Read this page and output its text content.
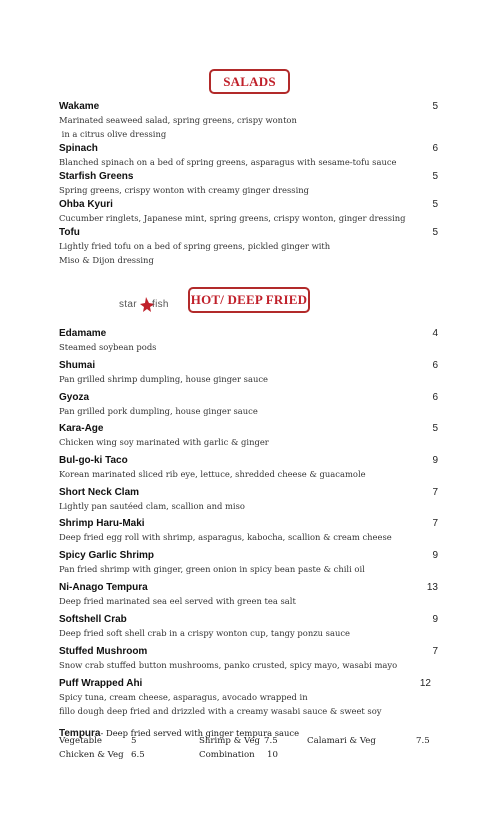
SALADS
HOT/ DEEP FRIED
star fish
Wakame	5
Marinated seaweed salad, spring greens, crispy wonton
in a citrus olive dressing
Spinach	6
Blanched spinach on a bed of spring greens, asparagus with sesame-tofu sauce
Starfish Greens	5
Spring greens, crispy wonton with creamy ginger dressing
Ohba Kyuri	5
Cucumber ringlets, Japanese mint, spring greens, crispy wonton, ginger dressing
Tofu	5
Lightly fried tofu on a bed of spring greens, pickled ginger with
Miso & Dijon dressing
Edamame	4
Steamed soybean pods
Shumai	6
Pan grilled shrimp dumpling, house ginger sauce
Gyoza	6
Pan grilled pork dumpling, house ginger sauce
Kara-Age	5
Chicken wing soy marinated with garlic & ginger
Bul-go-ki Taco	9
Korean marinated sliced rib eye, lettuce, shredded cheese & guacamole
Short Neck Clam	7
Lightly pan sautéed clam, scallion and miso
Shrimp Haru-Maki	7
Deep fried egg roll with shrimp, asparagus, kabocha, scallion & cream cheese
Spicy Garlic Shrimp	9
Pan fried shrimp with ginger, green onion in spicy bean paste & chili oil
Ni-Anago Tempura	13
Deep fried marinated sea eel served with green tea salt
Softshell Crab	9
Deep fried soft shell crab in a crispy wonton cup, tangy ponzu sauce
Stuffed Mushroom	7
Snow crab stuffed button mushrooms, panko crusted, spicy mayo, wasabi mayo
Puff Wrapped Ahi	12
Spicy tuna, cream cheese, asparagus, avocado wrapped in
fillo dough deep fried and drizzled with a creamy wasabi sauce & sweet soy
Tempura- Deep fried served with ginger tempura sauce
Vegetable	5	Shrimp & Veg 7.5	Calamari & Veg	7.5
Chicken & Veg 6.5	Combination 10
